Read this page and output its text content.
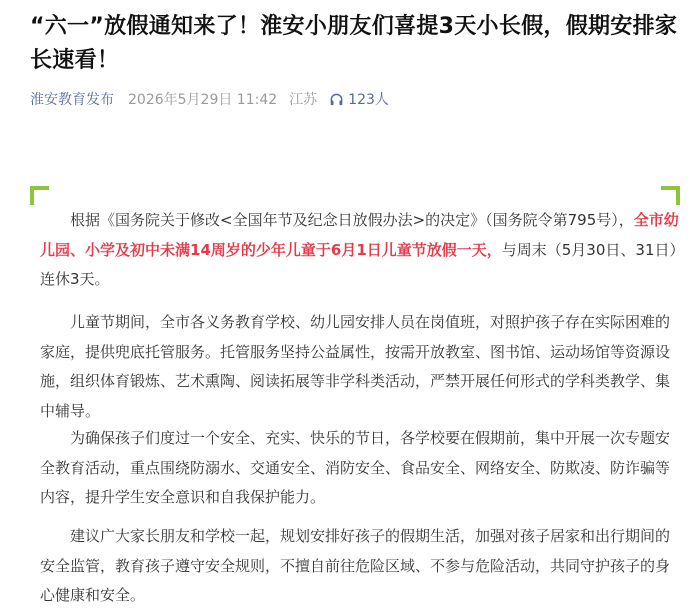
“六一”放假通知来了！淮安小朋友们喜提3天小长假，假期安排家长速看！
淮安教育发布 2026年5月29日 11:42 江苏 123人

根据《国务院关于修改<全国年节及纪念日放假办法>的决定》（国务院令第795号），全市幼儿园、小学及初中未满14周岁的少年儿童于6月1日儿童节放假一天，与周末（5月30日、31日）连休3天。

儿童节期间，全市各义务教育学校、幼儿园安排人员在岗值班，对照护孩子存在实际困难的家庭，提供兜底托管服务。托管服务坚持公益属性，按需开放教室、图书馆、运动场馆等资源设施，组织体育锻炼、艺术熏陶、阅读拓展等非学科类活动，严禁开展任何形式的学科类教学、集中辅导。

为确保孩子们度过一个安全、充实、快乐的节日，各学校要在假期前，集中开展一次专题安全教育活动，重点围绕防溺水、交通安全、消防安全、食品安全、网络安全、防欺凌、防诈骗等内容，提升学生安全意识和自我保护能力。

建议广大家长朋友和学校一起，规划安排好孩子的假期生活，加强对孩子居家和出行期间的安全监管，教育孩子遵守安全规则，不擅自前往危险区域、不参与危险活动，共同守护孩子的身心健康和安全。
